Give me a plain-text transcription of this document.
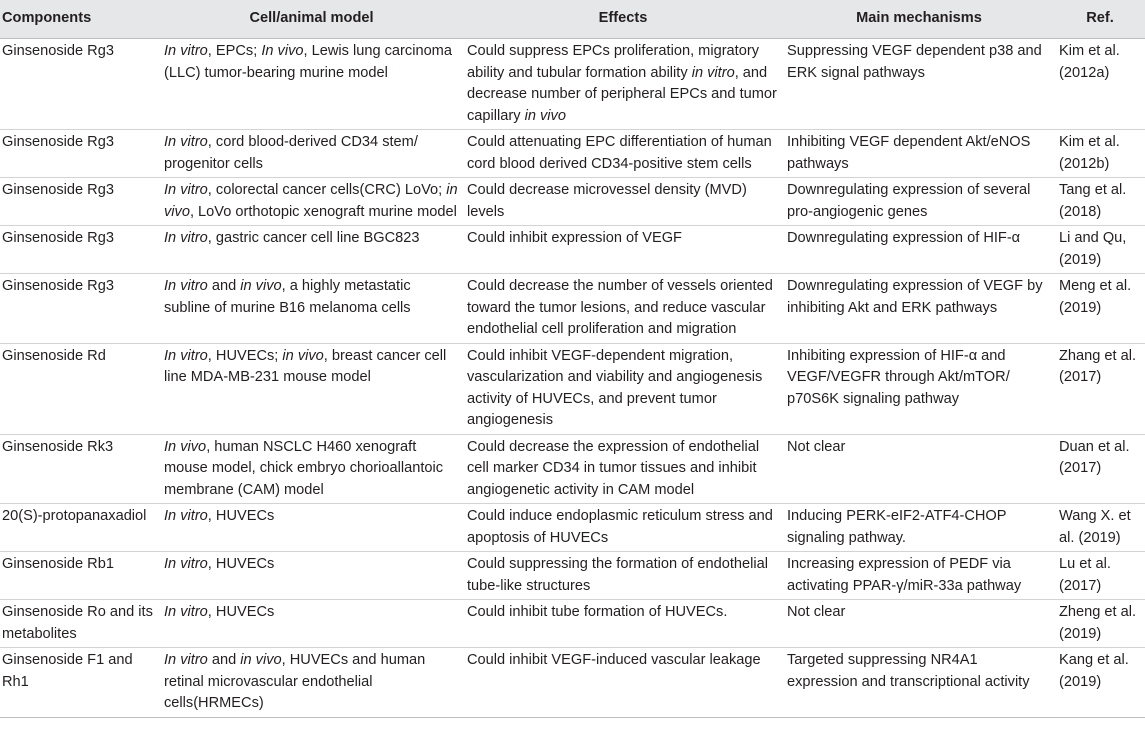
Components	Cell/animal model	Effects	Main mechanisms	Ref.
Ginsenoside Rg3	In vitro, EPCs; In vivo, Lewis lung carcinoma (LLC) tumor-bearing murine model	Could suppress EPCs proliferation, migratory ability and tubular formation ability in vitro, and decrease number of peripheral EPCs and tumor capillary in vivo	Suppressing VEGF dependent p38 and ERK signal pathways	Kim et al. (2012a)
Ginsenoside Rg3	In vitro, cord blood-derived CD34 stem/ progenitor cells	Could attenuating EPC differentiation of human cord blood derived CD34-positive stem cells	Inhibiting VEGF dependent Akt/eNOS pathways	Kim et al. (2012b)
Ginsenoside Rg3	In vitro, colorectal cancer cells(CRC) LoVo; in vivo, LoVo orthotopic xenograft murine model	Could decrease microvessel density (MVD) levels	Downregulating expression of several pro-angiogenic genes	Tang et al. (2018)
Ginsenoside Rg3	In vitro, gastric cancer cell line BGC823	Could inhibit expression of VEGF	Downregulating expression of HIF-α	Li and Qu, (2019)
Ginsenoside Rg3	In vitro and in vivo, a highly metastatic subline of murine B16 melanoma cells	Could decrease the number of vessels oriented toward the tumor lesions, and reduce vascular endothelial cell proliferation and migration	Downregulating expression of VEGF by inhibiting Akt and ERK pathways	Meng et al. (2019)
Ginsenoside Rd	In vitro, HUVECs; in vivo, breast cancer cell line MDA-MB-231 mouse model	Could inhibit VEGF-dependent migration, vascularization and viability and angiogenesis activity of HUVECs, and prevent tumor angiogenesis	Inhibiting expression of HIF-α and VEGF/VEGFR through Akt/mTOR/ p70S6K signaling pathway	Zhang et al. (2017)
Ginsenoside Rk3	In vivo, human NSCLC H460 xenograft mouse model, chick embryo chorioallantoic membrane (CAM) model	Could decrease the expression of endothelial cell marker CD34 in tumor tissues and inhibit angiogenetic activity in CAM model	Not clear	Duan et al. (2017)
20(S)-protopanaxadiol	In vitro, HUVECs	Could induce endoplasmic reticulum stress and apoptosis of HUVECs	Inducing PERK-eIF2-ATF4-CHOP signaling pathway.	Wang X. et al. (2019)
Ginsenoside Rb1	In vitro, HUVECs	Could suppressing the formation of endothelial tube-like structures	Increasing expression of PEDF via activating PPAR-γ/miR-33a pathway	Lu et al. (2017)
Ginsenoside Ro and its metabolites	In vitro, HUVECs	Could inhibit tube formation of HUVECs.	Not clear	Zheng et al. (2019)
Ginsenoside F1 and Rh1	In vitro and in vivo, HUVECs and human retinal microvascular endothelial cells(HRMECs)	Could inhibit VEGF-induced vascular leakage	Targeted suppressing NR4A1 expression and transcriptional activity	Kang et al. (2019)
